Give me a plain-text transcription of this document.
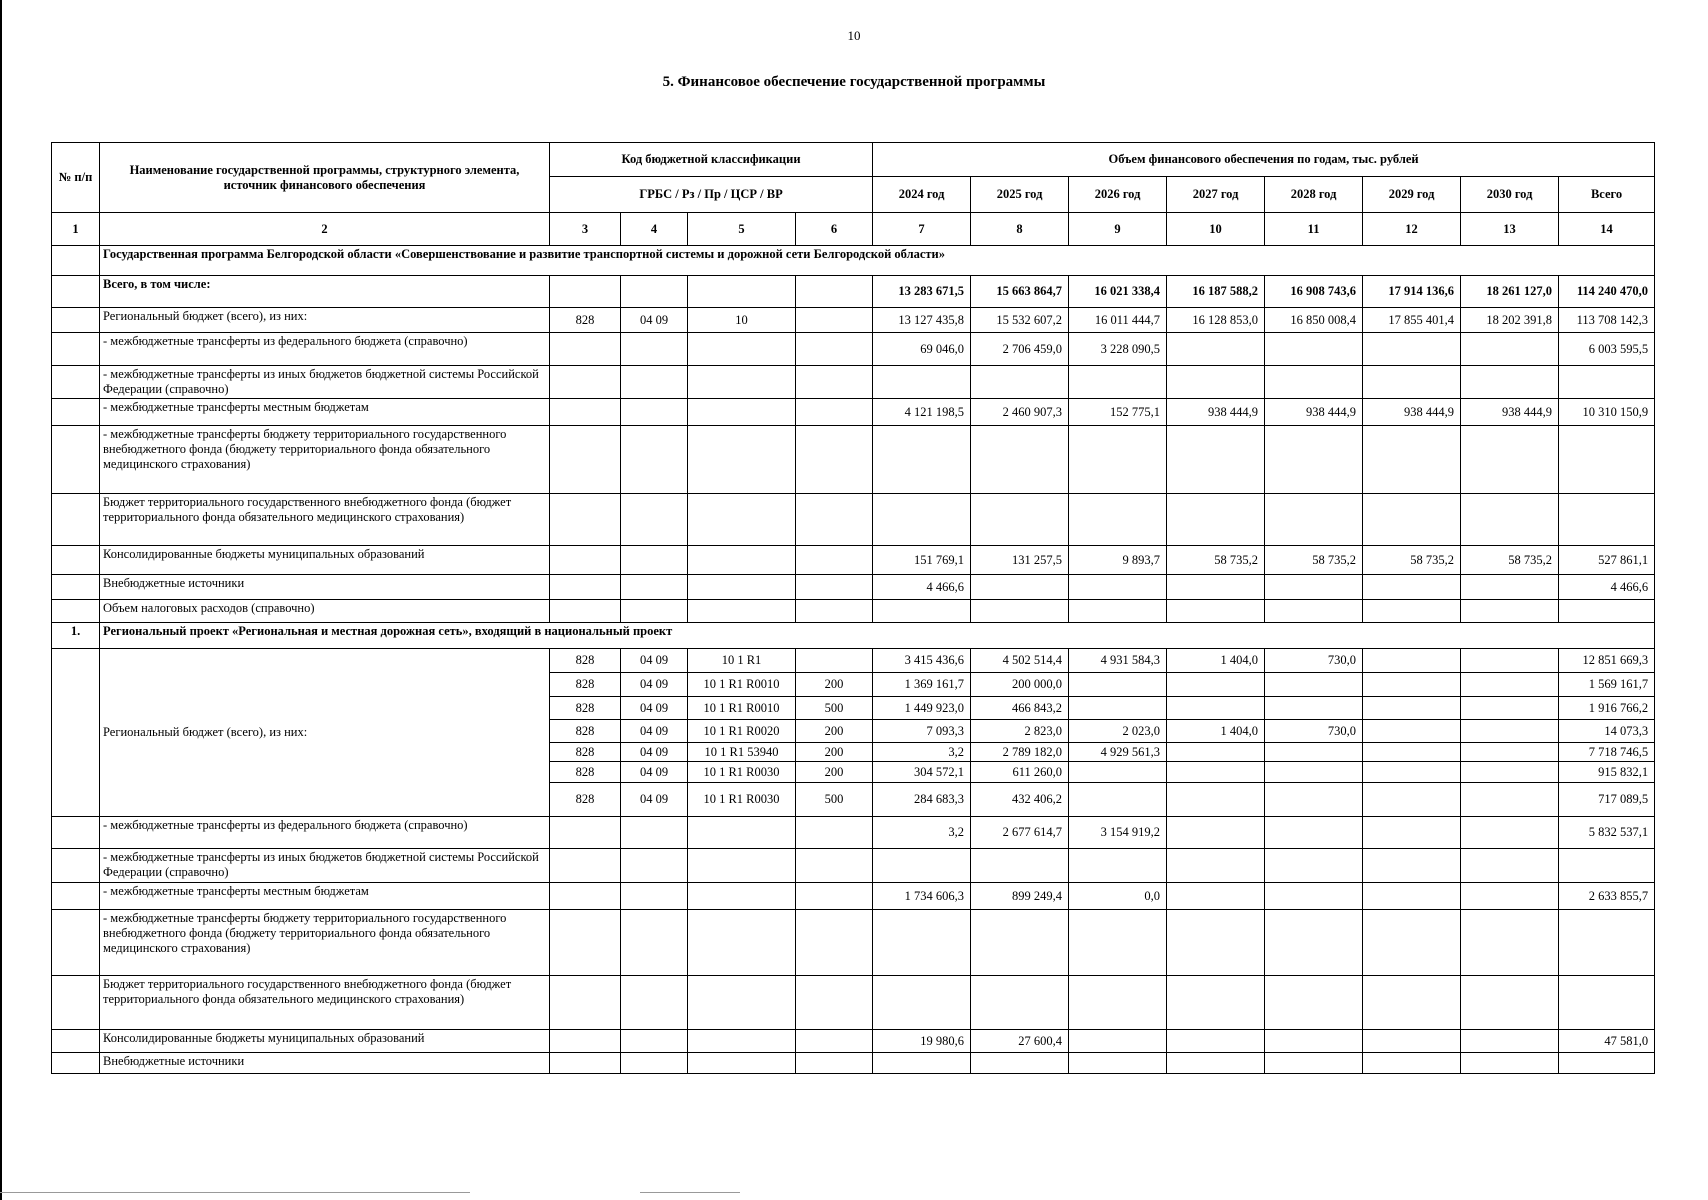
10
5. Финансовое обеспечение государственной программы
№ п/п	Наименование государственной программы, структурного элемента, источник финансового обеспечения	Код бюджетной классификации				Объем финансового обеспечения по годам, тыс. рублей							
		ГРБС / Рз / Пр / ЦСР / ВР				2024 год	2025 год	2026 год	2027 год	2028 год	2029 год	2030 год	Всего
1	2	3	4	5	6	7	8	9	10	11	12	13	14
	Государственная программа Белгородской области «Совершенствование и развитие транспортной системы и дорожной сети Белгородской области»												
	Всего, в том числе:					13 283 671,5	15 663 864,7	16 021 338,4	16 187 588,2	16 908 743,6	17 914 136,6	18 261 127,0	114 240 470,0
	Региональный бюджет (всего), из них:	828	04 09	10		13 127 435,8	15 532 607,2	16 011 444,7	16 128 853,0	16 850 008,4	17 855 401,4	18 202 391,8	113 708 142,3
	- межбюджетные трансферты из федерального бюджета (справочно)					69 046,0	2 706 459,0	3 228 090,5					6 003 595,5
	- межбюджетные трансферты из иных бюджетов бюджетной системы Российской Федерации (справочно)												
	- межбюджетные трансферты местным бюджетам					4 121 198,5	2 460 907,3	152 775,1	938 444,9	938 444,9	938 444,9	938 444,9	10 310 150,9
	- межбюджетные трансферты бюджету территориального государственного внебюджетного фонда (бюджету территориального фонда обязательного медицинского страхования)												
	Бюджет территориального государственного внебюджетного фонда (бюджет территориального фонда обязательного медицинского страхования)												
	Консолидированные бюджеты муниципальных образований					151 769,1	131 257,5	9 893,7	58 735,2	58 735,2	58 735,2	58 735,2	527 861,1
	Внебюджетные источники					4 466,6							4 466,6
	Объем налоговых расходов (справочно)												
1.	Региональный проект «Региональная и местная дорожная сеть», входящий в национальный проект												
	Региональный бюджет (всего), из них:	828	04 09	10 1 R1		3 415 436,6	4 502 514,4	4 931 584,3	1 404,0	730,0			12 851 669,3
		828	04 09	10 1 R1 R0010	200	1 369 161,7	200 000,0						1 569 161,7
		828	04 09	10 1 R1 R0010	500	1 449 923,0	466 843,2						1 916 766,2
		828	04 09	10 1 R1 R0020	200	7 093,3	2 823,0	2 023,0	1 404,0	730,0			14 073,3
		828	04 09	10 1 R1 53940	200	3,2	2 789 182,0	4 929 561,3					7 718 746,5
		828	04 09	10 1 R1 R0030	200	304 572,1	611 260,0						915 832,1
		828	04 09	10 1 R1 R0030	500	284 683,3	432 406,2						717 089,5
	- межбюджетные трансферты из федерального бюджета (справочно)					3,2	2 677 614,7	3 154 919,2					5 832 537,1
	- межбюджетные трансферты из иных бюджетов бюджетной системы Российской Федерации (справочно)												
	- межбюджетные трансферты местным бюджетам					1 734 606,3	899 249,4	0,0					2 633 855,7
	- межбюджетные трансферты бюджету территориального государственного внебюджетного фонда (бюджету территориального фонда обязательного медицинского страхования)												
	Бюджет территориального государственного внебюджетного фонда (бюджет территориального фонда обязательного медицинского страхования)												
	Консолидированные бюджеты муниципальных образований					19 980,6	27 600,4						47 581,0
	Внебюджетные источники												
